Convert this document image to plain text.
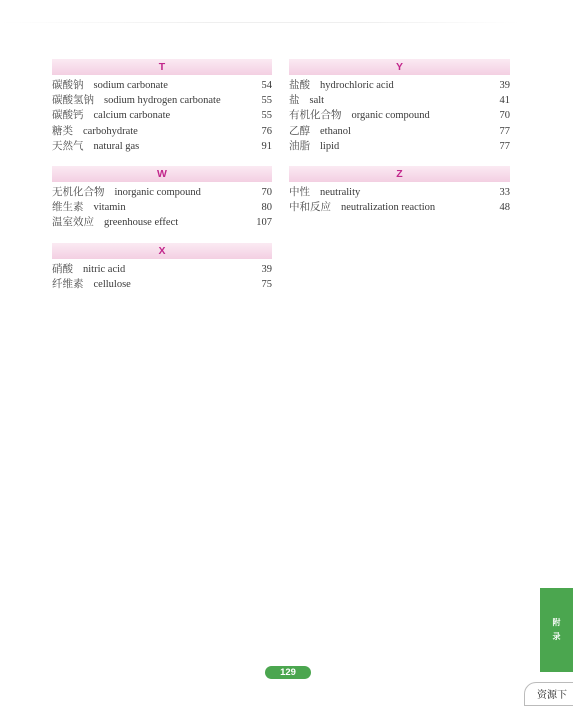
T
碳酸钠 sodium carbonate	54
碳酸氢钠 sodium hydrogen carbonate	55
碳酸钙 calcium carbonate	55
糖类 carbohydrate	76
天然气 natural gas	91
W
无机化合物 inorganic compound	70
维生素 vitamin	80
温室效应 greenhouse effect	107
X
硝酸 nitric acid	39
纤维素 cellulose	75
Y
盐酸 hydrochloric acid	39
盐 salt	41
有机化合物 organic compound	70
乙醇 ethanol	77
油脂 lipid	77
Z
中性 neutrality	33
中和反应 neutralization reaction	48
附
录
129
资源下
